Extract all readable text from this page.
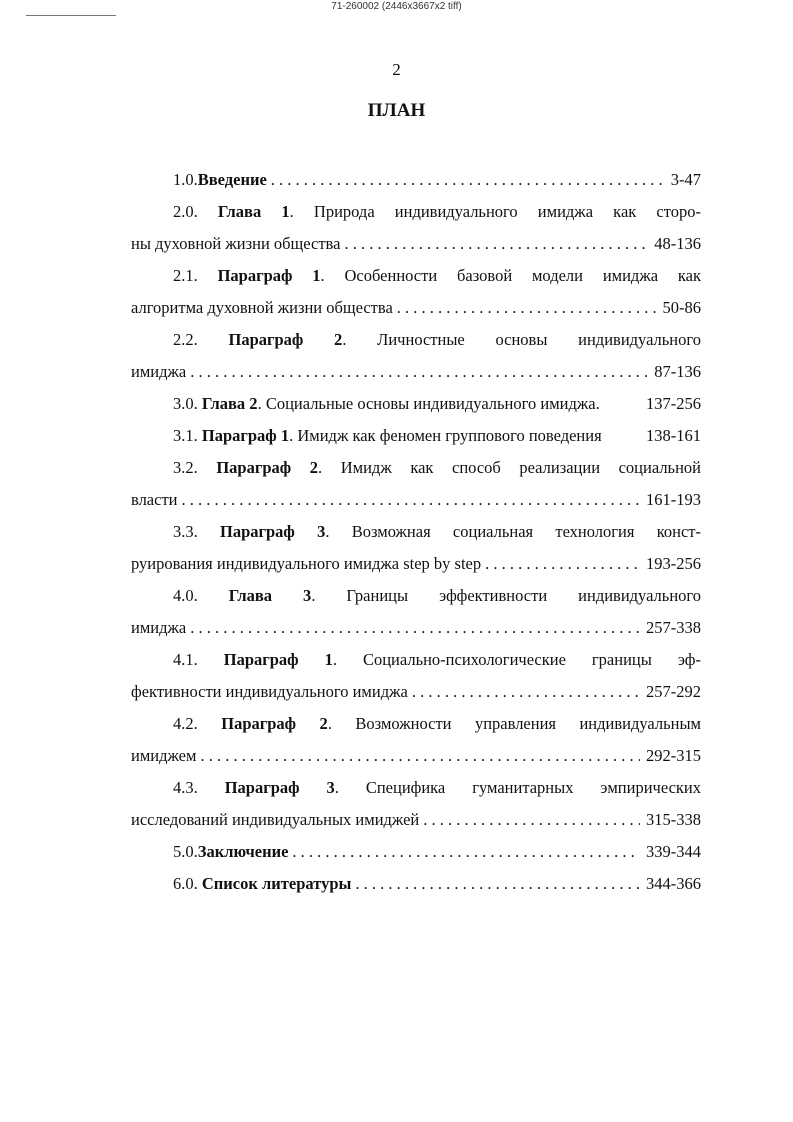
71-260002 (2446x3667x2 tiff)
2
ПЛАН
1.0.Введение . . .	3-47
2.0. Глава 1. Природа индивидуального имиджа как сторо-
ны духовной жизни общества . . .	48-136
2.1. Параграф 1. Особенности базовой модели имиджа как
алгоритма духовной жизни общества . . .	50-86
2.2. Параграф 2. Личностные основы индивидуального
имиджа . . .	87-136
3.0. Глава 2. Социальные основы индивидуального имиджа.	137-256
3.1. Параграф 1. Имидж как феномен группового поведения	138-161
3.2. Параграф 2. Имидж как способ реализации социальной
власти . . .	161-193
3.3. Параграф 3. Возможная социальная технология конст-
руирования индивидуального имиджа step by step . . .	193-256
4.0. Глава 3. Границы эффективности индивидуального
имиджа . . .	257-338
4.1. Параграф 1. Социально-психологические границы эф-
фективности индивидуального имиджа . . .	257-292
4.2. Параграф 2. Возможности управления индивидуальным
имиджем . . .	292-315
4.3. Параграф 3. Специфика гуманитарных эмпирических
исследований индивидуальных имиджей . . .	315-338
5.0.Заключение . . .	339-344
6.0. Список литературы . . .	344-366
